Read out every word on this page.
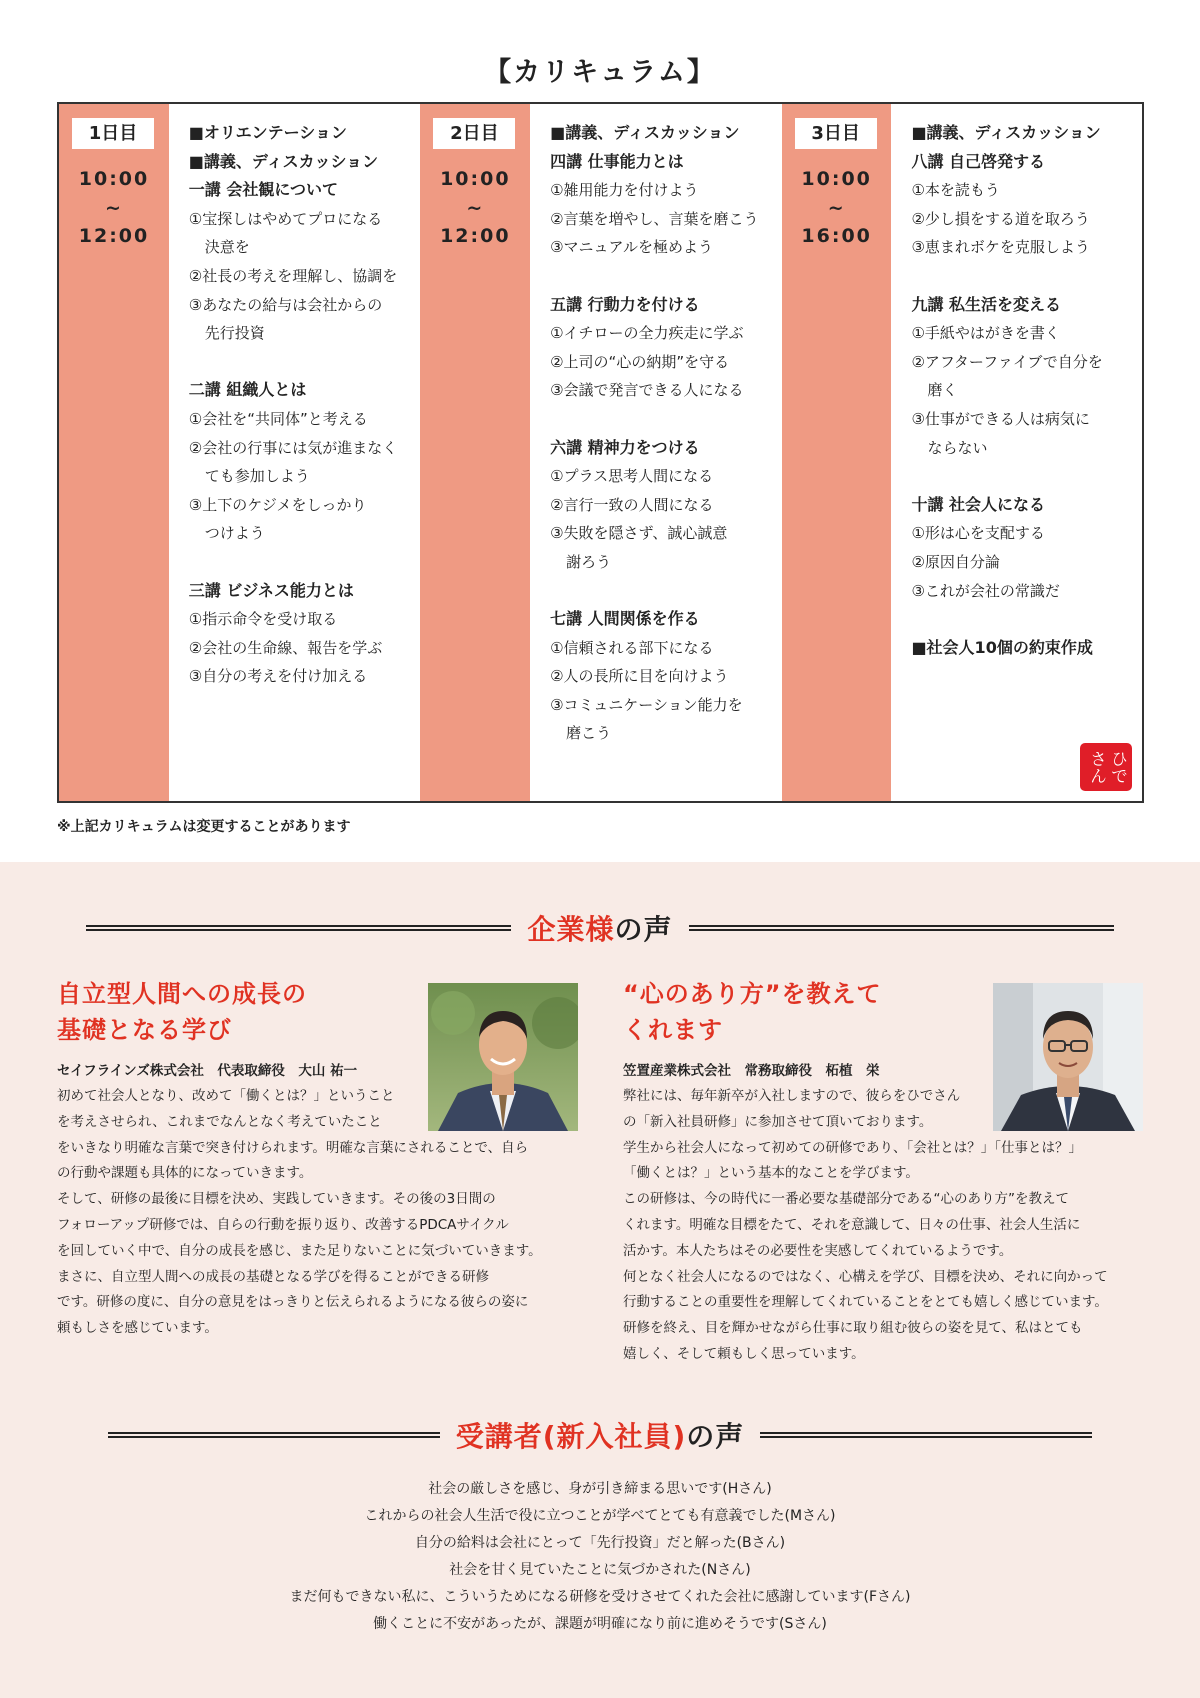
【カリキュラム】
1日目
10:00
~
12:00
■オリエンテーション
■講義、ディスカッション
一講 会社観について
①宝探しはやめてプロになる
決意を
②社長の考えを理解し、協調を
③あなたの給与は会社からの
先行投資
二講 組織人とは
①会社を“共同体”と考える
②会社の行事には気が進まなく
ても参加しよう
③上下のケジメをしっかり
つけよう
三講 ビジネス能力とは
①指示命令を受け取る
②会社の生命線、報告を学ぶ
③自分の考えを付け加える
2日目
10:00
~
12:00
■講義、ディスカッション
四講 仕事能力とは
①雑用能力を付けよう
②言葉を増やし、言葉を磨こう
③マニュアルを極めよう
五講 行動力を付ける
①イチローの全力疾走に学ぶ
②上司の“心の納期”を守る
③会議で発言できる人になる
六講 精神力をつける
①プラス思考人間になる
②言行一致の人間になる
③失敗を隠さず、誠心誠意
謝ろう
七講 人間関係を作る
①信頼される部下になる
②人の長所に目を向けよう
③コミュニケーション能力を
磨こう
3日目
10:00
~
16:00
■講義、ディスカッション
八講 自己啓発する
①本を読もう
②少し損をする道を取ろう
③恵まれボケを克服しよう
九講 私生活を変える
①手紙やはがきを書く
②アフターファイブで自分を
磨く
③仕事ができる人は病気に
ならない
十講 社会人になる
①形は心を支配する
②原因自分論
③これが会社の常識だ
■社会人10個の約束作成
ひで
さん
※上記カリキュラムは変更することがあります
企業様の声
自立型人間への成長の
基礎となる学び
セイフラインズ株式会社　代表取締役　大山 祐一
初めて社会人となり、改めて「働くとは？」ということ
を考えさせられ、これまでなんとなく考えていたこと
をいきなり明確な言葉で突き付けられます。明確な言葉にされることで、自ら
の行動や課題も具体的になっていきます。
そして、研修の最後に目標を決め、実践していきます。その後の3日間の
フォローアップ研修では、自らの行動を振り返り、改善するPDCAサイクル
を回していく中で、自分の成長を感じ、また足りないことに気づいていきます。
まさに、自立型人間への成長の基礎となる学びを得ることができる研修
です。研修の度に、自分の意見をはっきりと伝えられるようになる彼らの姿に
頼もしさを感じています。
“心のあり方”を教えて
くれます
笠置産業株式会社　常務取締役　柘植　栄
弊社には、毎年新卒が入社しますので、彼らをひでさん
の「新入社員研修」に参加させて頂いております。
学生から社会人になって初めての研修であり、「会社とは？」「仕事とは？」
「働くとは？」という基本的なことを学びます。
この研修は、今の時代に一番必要な基礎部分である“心のあり方”を教えて
くれます。明確な目標をたて、それを意識して、日々の仕事、社会人生活に
活かす。本人たちはその必要性を実感してくれているようです。
何となく社会人になるのではなく、心構えを学び、目標を決め、それに向かって
行動することの重要性を理解してくれていることをとても嬉しく感じています。
研修を終え、目を輝かせながら仕事に取り組む彼らの姿を見て、私はとても
嬉しく、そして頼もしく思っています。
受講者(新入社員)の声
社会の厳しさを感じ、身が引き締まる思いです(Hさん)
これからの社会人生活で役に立つことが学べてとても有意義でした(Mさん)
自分の給料は会社にとって「先行投資」だと解った(Bさん)
社会を甘く見ていたことに気づかされた(Nさん)
まだ何もできない私に、こういうためになる研修を受けさせてくれた会社に感謝しています(Fさん)
働くことに不安があったが、課題が明確になり前に進めそうです(Sさん)
